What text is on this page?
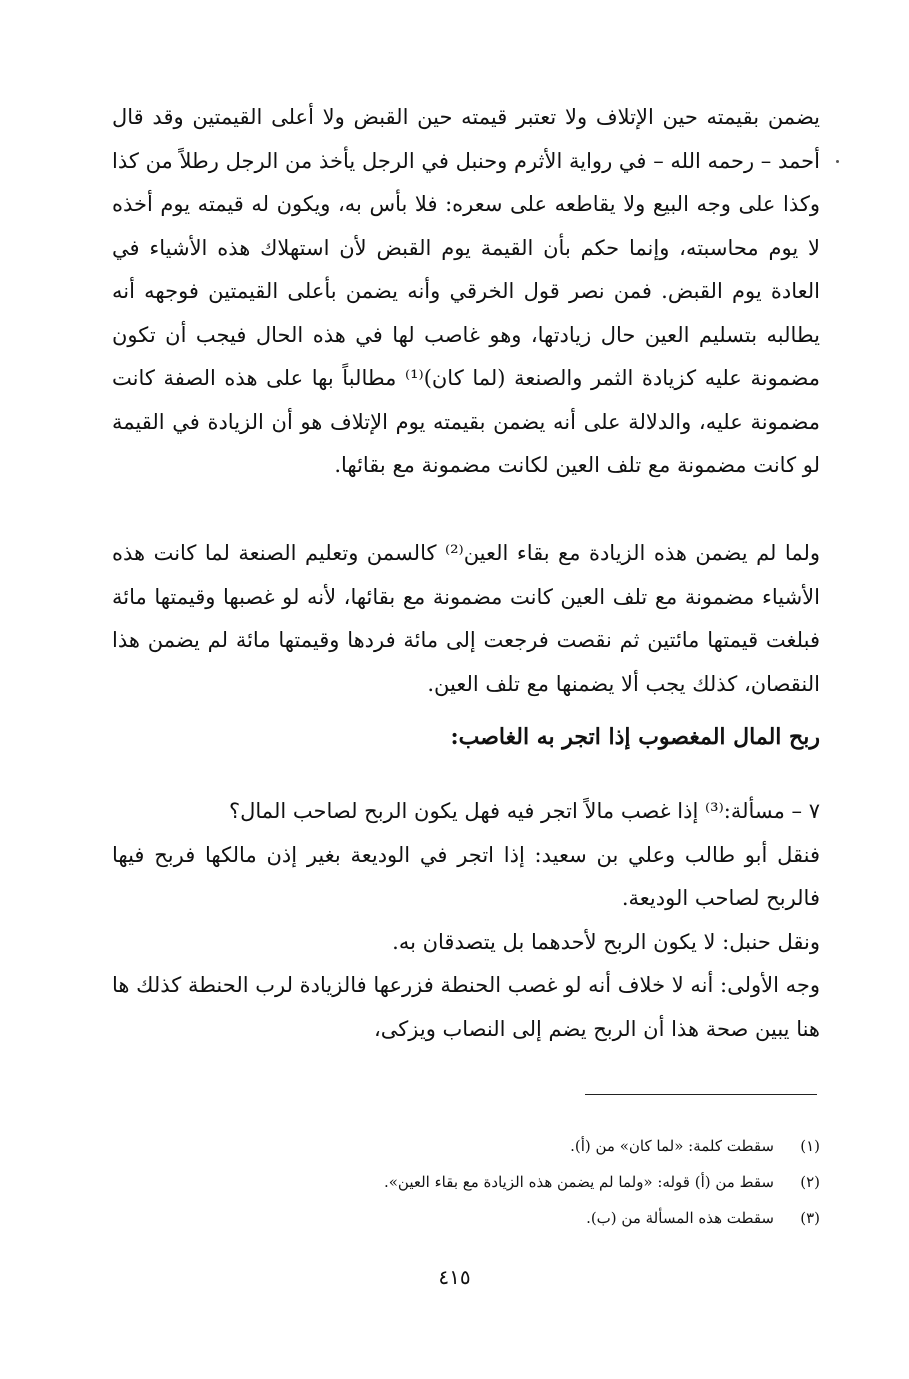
يضمن بقيمته حين الإتلاف ولا تعتبر قيمته حين القبض ولا أعلى القيمتين وقد قال أحمد – رحمه الله – في رواية الأثرم وحنبل في الرجل يأخذ من الرجل رطلاً من كذا وكذا على وجه البيع ولا يقاطعه على سعره: فلا بأس به، ويكون له قيمته يوم أخذه لا يوم محاسبته، وإنما حكم بأن القيمة يوم القبض لأن استهلاك هذه الأشياء في العادة يوم القبض. فمن نصر قول الخرقي وأنه يضمن بأعلى القيمتين فوجهه أنه يطالبه بتسليم العين حال زيادتها، وهو غاصب لها في هذه الحال فيجب أن تكون مضمونة عليه كزيادة الثمر والصنعة (لما كان)⁽¹⁾ مطالباً بها على هذه الصفة كانت مضمونة عليه، والدلالة على أنه يضمن بقيمته يوم الإتلاف هو أن الزيادة في القيمة لو كانت مضمونة مع تلف العين لكانت مضمونة مع بقائها.

ولما لم يضمن هذه الزيادة مع بقاء العين⁽²⁾ كالسمن وتعليم الصنعة لما كانت هذه الأشياء مضمونة مع تلف العين كانت مضمونة مع بقائها، لأنه لو غصبها وقيمتها مائة فبلغت قيمتها مائتين ثم نقصت فرجعت إلى مائة فردها وقيمتها مائة لم يضمن هذا النقصان، كذلك يجب ألا يضمنها مع تلف العين.

ربح المال المغصوب إذا اتجر به الغاصب:

٧ – مسألة:⁽³⁾ إذا غصب مالاً اتجر فيه فهل يكون الربح لصاحب المال؟

فنقل أبو طالب وعلي بن سعيد: إذا اتجر في الوديعة بغير إذن مالكها فربح فيها فالربح لصاحب الوديعة.

ونقل حنبل: لا يكون الربح لأحدهما بل يتصدقان به.

وجه الأولى: أنه لا خلاف أنه لو غصب الحنطة فزرعها فالزيادة لرب الحنطة كذلك ها هنا يبين صحة هذا أن الربح يضم إلى النصاب ويزكى،

(١)
سقطت كلمة: «لما كان» من (أ).
(٢)
سقط من (أ) قوله: «ولما لم يضمن هذه الزيادة مع بقاء العين».
(٣)
سقطت هذه المسألة من (ب).
٤١٥
